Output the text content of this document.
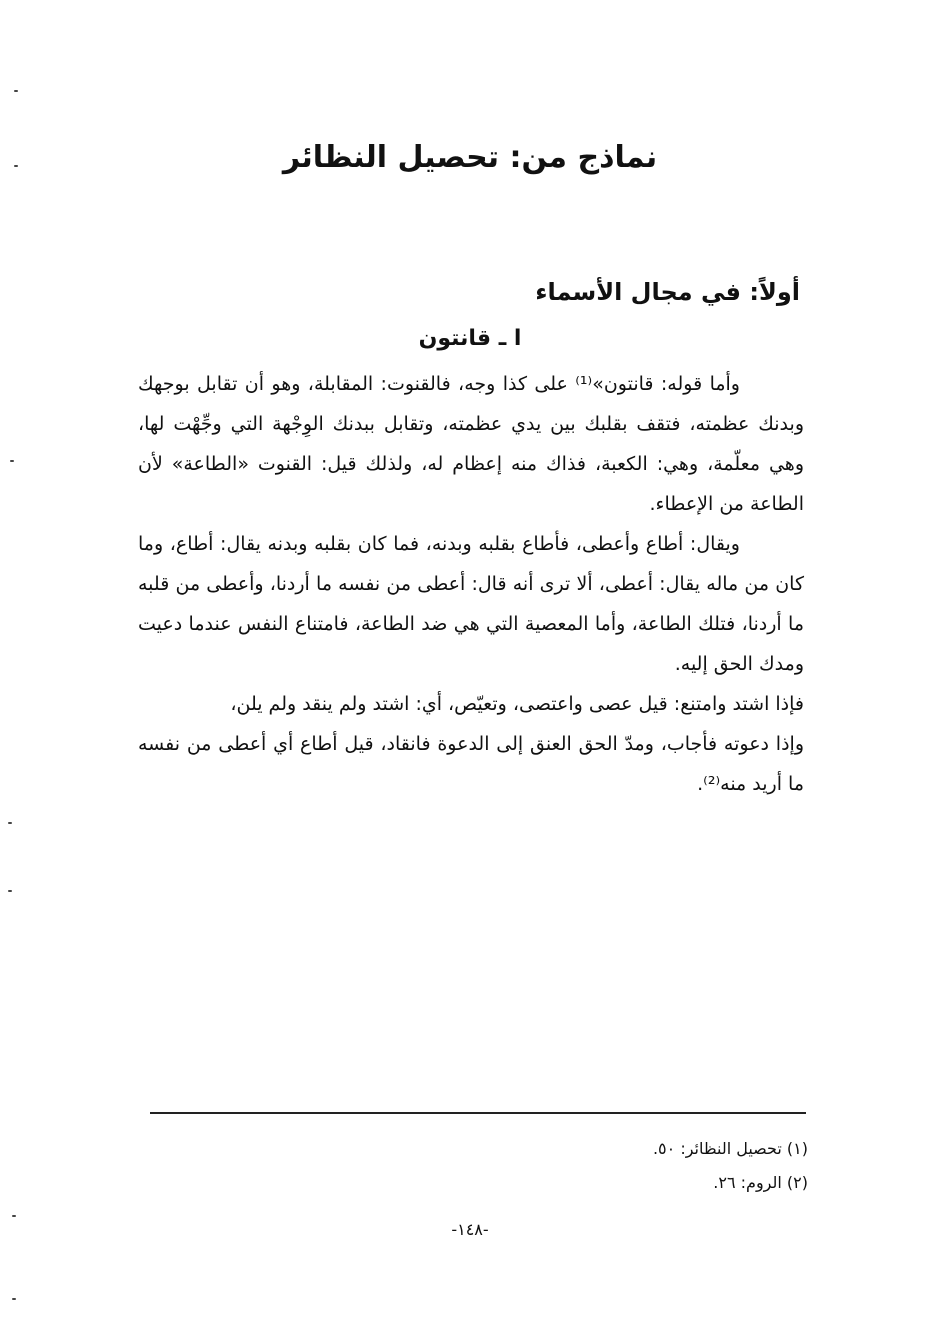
نماذج من: تحصيل النظائر
أولاً: في مجال الأسماء
ا ـ قانتون

وأما قوله: قانتون»⁽¹⁾ على كذا وجه، فالقنوت: المقابلة، وهو أن تقابل بوجهك وبدنك عظمته، فتقف بقلبك بين يدي عظمته، وتقابل ببدنك الوِجْهة التي وجِّهْت لها، وهي معلّمة، وهي: الكعبة، فذاك منه إعظام له، ولذلك قيل: القنوت «الطاعة» لأن الطاعة من الإعطاء.

ويقال: أطاع وأعطى، فأطاع بقلبه وبدنه، فما كان بقلبه وبدنه يقال: أطاع، وما كان من ماله يقال: أعطى، ألا ترى أنه قال: أعطى من نفسه ما أردنا، وأعطى من قلبه ما أردنا، فتلك الطاعة، وأما المعصية التي هي ضد الطاعة، فامتناع النفس عندما دعيت ومدك الحق إليه.

فإذا اشتد وامتنع: قيل عصى واعتصى، وتعيّص، أي: اشتد ولم ينقد ولم يلن،

وإذا دعوته فأجاب، ومدّ الحق العنق إلى الدعوة فانقاد، قيل أطاع أي أعطى من نفسه ما أريد منه⁽²⁾.

(١) تحصيل النظائر: ٥٠.
(٢) الروم: ٢٦.
-١٤٨-
